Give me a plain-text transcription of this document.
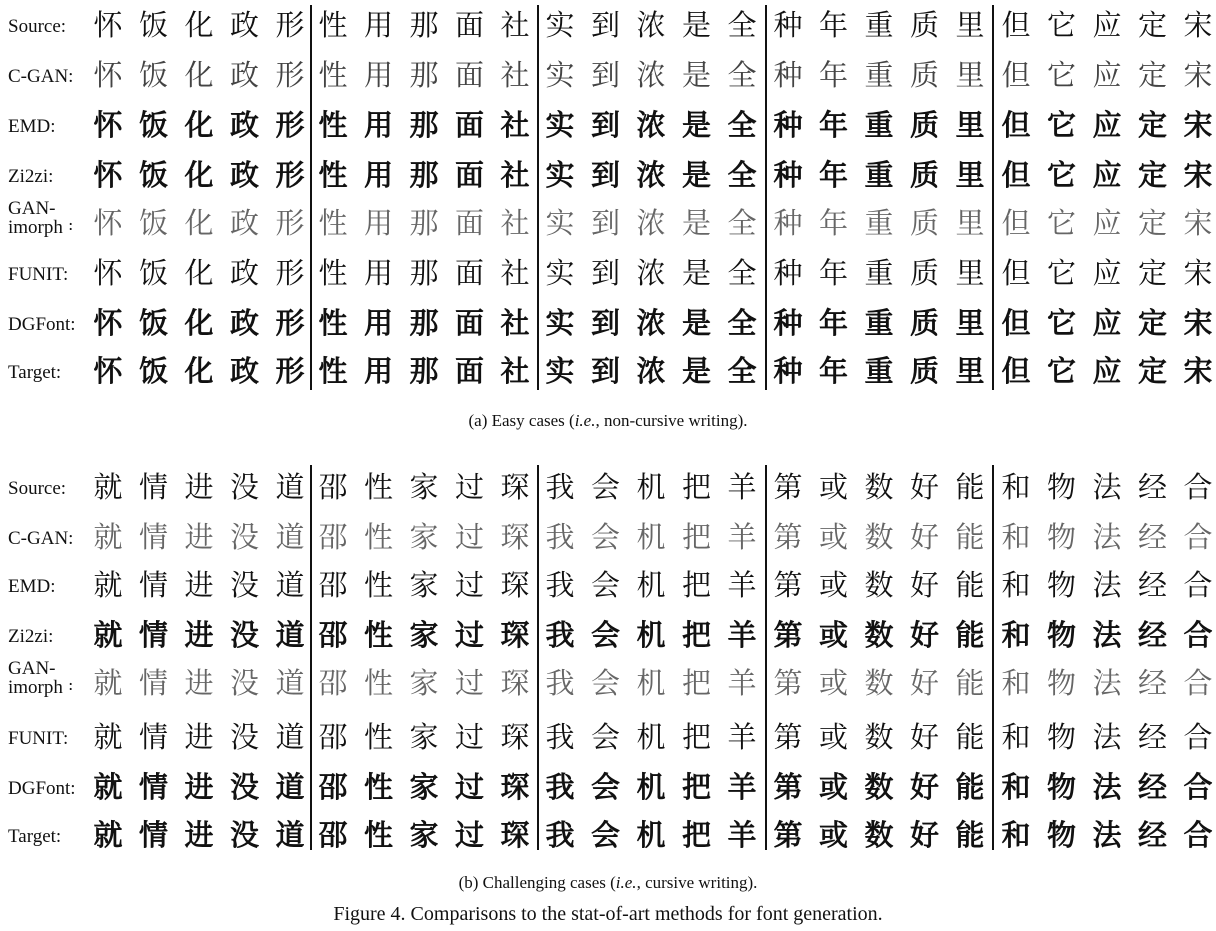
Source: 怀 饭 化 政 形 性 用 那 面 社 实 到 浓 是 全 种 年 重 质 里 但 它 应 定 宋
C-GAN: 怀 饭 化 政 形 性 用 那 面 社 实 到 浓 是 全 种 年 重 质 里 但 它 应 定 宋
EMD: 怀 饭 化 政 形 性 用 那 面 社 实 到 浓 是 全 种 年 重 质 里 但 它 应 定 宋
Zi2zi: 怀 饭 化 政 形 性 用 那 面 社 实 到 浓 是 全 种 年 重 质 里 但 它 应 定 宋
:
GAN-
imorph 怀 饭 化 政 形 性 用 那 面 社 实 到 浓 是 全 种 年 重 质 里 但 它 应 定 宋
FUNIT: 怀 饭 化 政 形 性 用 那 面 社 实 到 浓 是 全 种 年 重 质 里 但 它 应 定 宋
DGFont: 怀 饭 化 政 形 性 用 那 面 社 实 到 浓 是 全 种 年 重 质 里 但 它 应 定 宋
Target: 怀 饭 化 政 形 性 用 那 面 社 实 到 浓 是 全 种 年 重 质 里 但 它 应 定 宋
Source: 就 情 进 没 道 邵 性 家 过 琛 我 会 机 把 羊 第 或 数 好 能 和 物 法 经 合
C-GAN: 就 情 进 没 道 邵 性 家 过 琛 我 会 机 把 羊 第 或 数 好 能 和 物 法 经 合
EMD: 就 情 进 没 道 邵 性 家 过 琛 我 会 机 把 羊 第 或 数 好 能 和 物 法 经 合
Zi2zi: 就 情 进 没 道 邵 性 家 过 琛 我 会 机 把 羊 第 或 数 好 能 和 物 法 经 合
:
GAN-
imorph 就 情 进 没 道 邵 性 家 过 琛 我 会 机 把 羊 第 或 数 好 能 和 物 法 经 合
FUNIT: 就 情 进 没 道 邵 性 家 过 琛 我 会 机 把 羊 第 或 数 好 能 和 物 法 经 合
DGFont: 就 情 进 没 道 邵 性 家 过 琛 我 会 机 把 羊 第 或 数 好 能 和 物 法 经 合
Target: 就 情 进 没 道 邵 性 家 过 琛 我 会 机 把 羊 第 或 数 好 能 和 物 法 经 合
(a) Easy cases (i.e., non-cursive writing).
(b) Challenging cases (i.e., cursive writing).
Figure 4. Comparisons to the stat-of-art methods for font generation.
